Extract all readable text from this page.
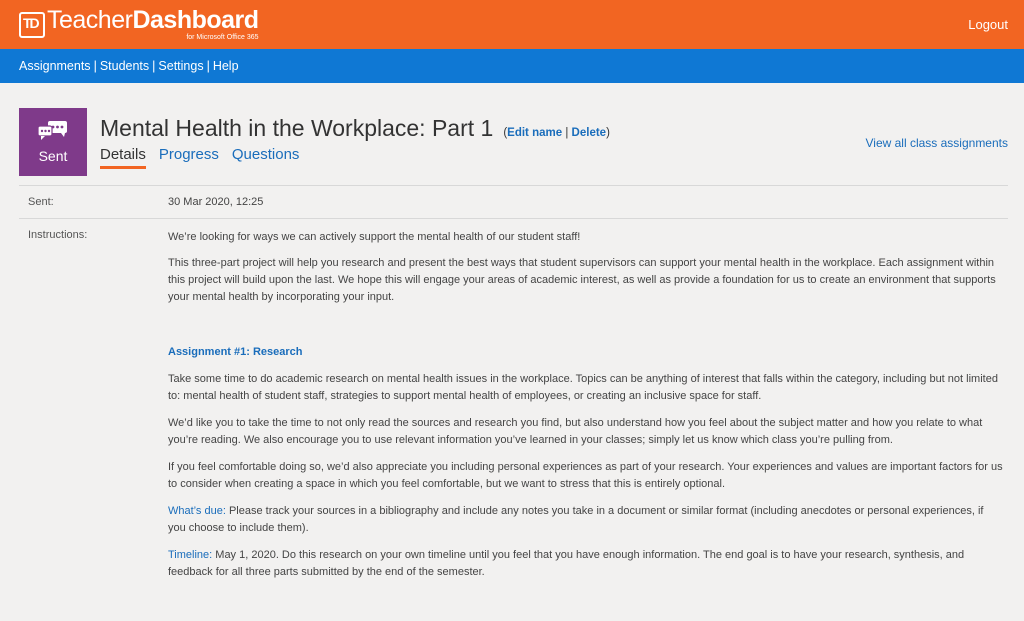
TD TeacherDashboard
for Microsoft Office 365
Logout
Assignments | Students | Settings | Help
View all class assignments
Sent
Mental Health in the Workplace: Part 1 (Edit name | Delete)
Details Progress Questions
Sent:	30 Mar 2020, 12:25
Instructions:	We’re looking for ways we can actively support the mental health of our student staff!

This three-part project will help you research and present the best ways that student supervisors can support your mental health in the workplace. Each assignment within this project will build upon the last. We hope this will engage your areas of academic interest, as well as provide a foundation for us to create an environment that supports your mental health by incorporating your input.

Assignment #1: Research

Take some time to do academic research on mental health issues in the workplace. Topics can be anything of interest that falls within the category, including but not limited to: mental health of student staff, strategies to support mental health of employees, or creating an inclusive space for staff.

We’d like you to take the time to not only read the sources and research you find, but also understand how you feel about the subject matter and how you relate to what you’re reading. We also encourage you to use relevant information you’ve learned in your classes; simply let us know which class you’re pulling from.

If you feel comfortable doing so, we’d also appreciate you including personal experiences as part of your research. Your experiences and values are important factors for us to consider when creating a space in which you feel comfortable, but we want to stress that this is entirely optional.

What’s due: Please track your sources in a bibliography and include any notes you take in a document or similar format (including anecdotes or personal experiences, if you choose to include them).

Timeline: May 1, 2020. Do this research on your own timeline until you feel that you have enough information. The end goal is to have your research, synthesis, and feedback for all three parts submitted by the end of the semester.
